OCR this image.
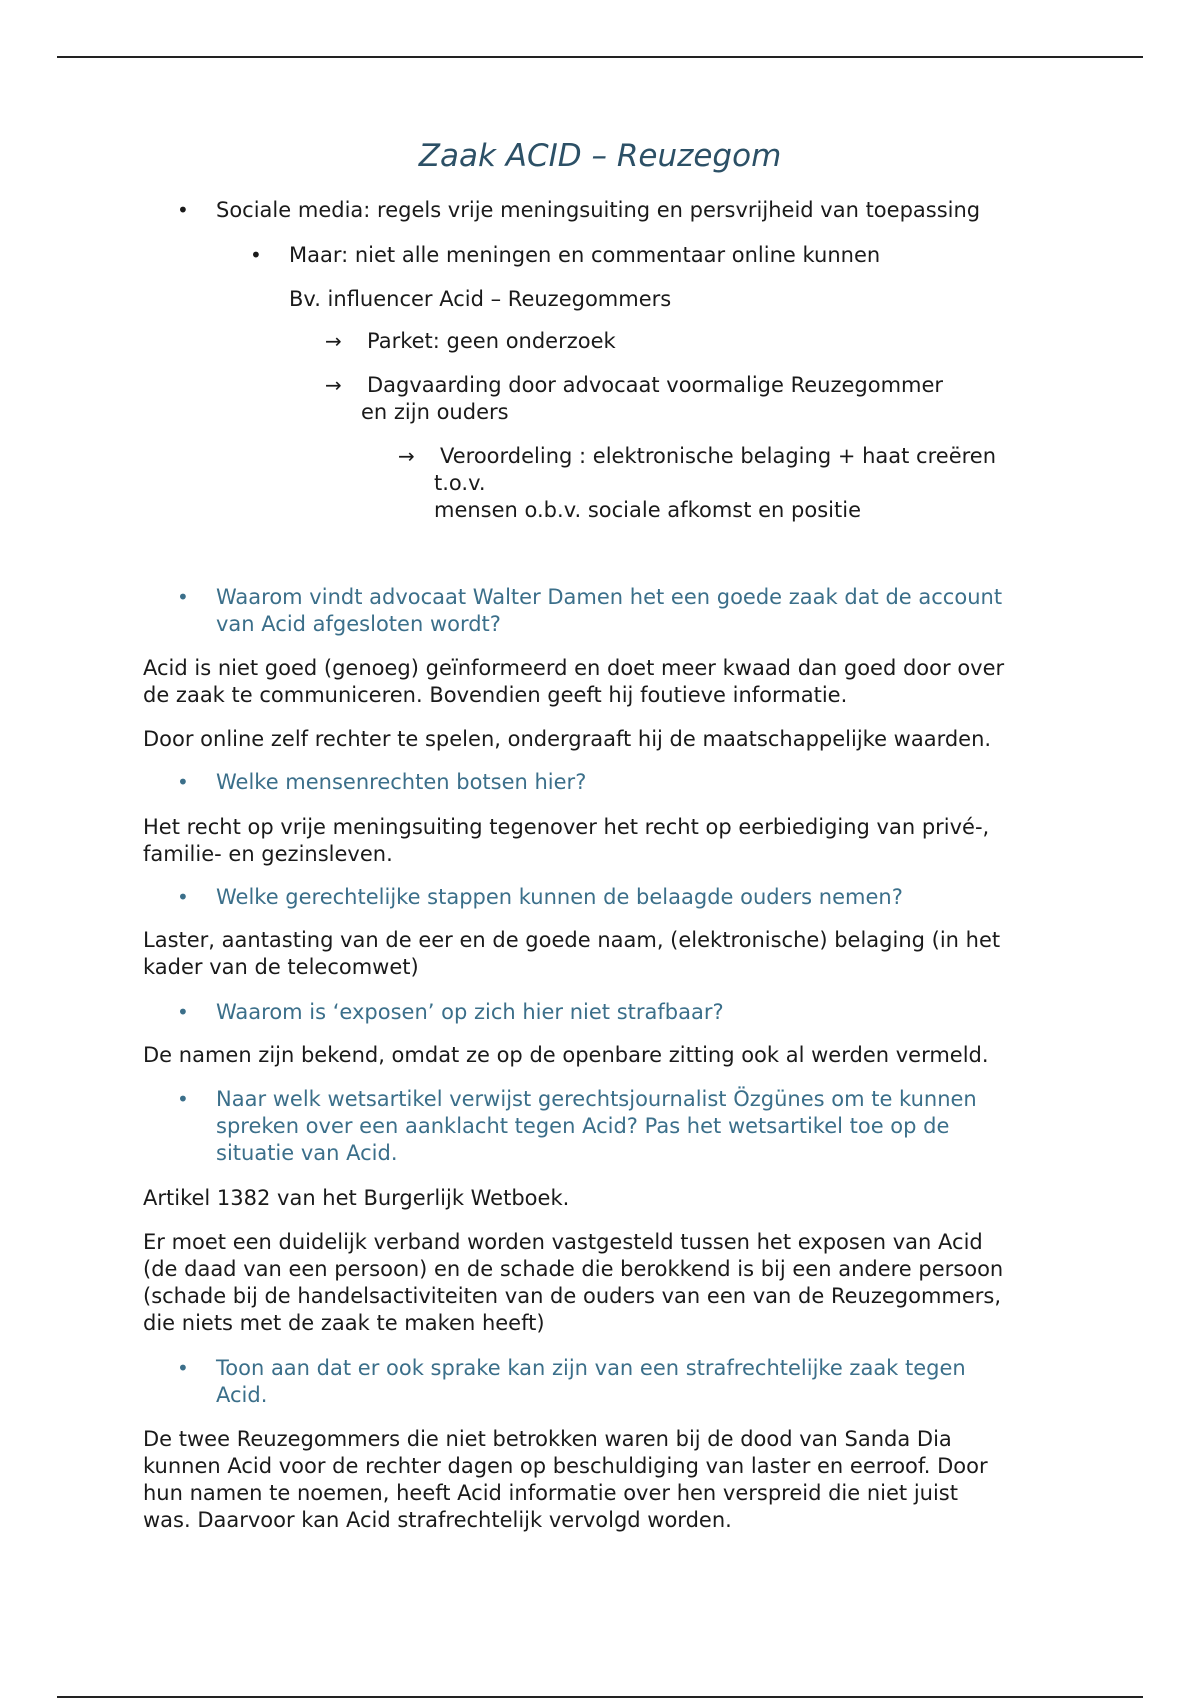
Zaak ACID – Reuzegom
• Sociale media: regels vrije meningsuiting en persvrijheid van toepassing
• Maar: niet alle meningen en commentaar online kunnen
Bv. influencer Acid – Reuzegommers
→ Parket: geen onderzoek
→ Dagvaarding door advocaat voormalige Reuzegommer
en zijn ouders
→ Veroordeling : elektronische belaging + haat creëren
t.o.v.
mensen o.b.v. sociale afkomst en positie
• Waarom vindt advocaat Walter Damen het een goede zaak dat de account
van Acid afgesloten wordt?
Acid is niet goed (genoeg) geïnformeerd en doet meer kwaad dan goed door over
de zaak te communiceren. Bovendien geeft hij foutieve informatie.
Door online zelf rechter te spelen, ondergraaft hij de maatschappelijke waarden.
• Welke mensenrechten botsen hier?
Het recht op vrije meningsuiting tegenover het recht op eerbiediging van privé-,
familie- en gezinsleven.
• Welke gerechtelijke stappen kunnen de belaagde ouders nemen?
Laster, aantasting van de eer en de goede naam, (elektronische) belaging (in het
kader van de telecomwet)
• Waarom is ‘exposen’ op zich hier niet strafbaar?
De namen zijn bekend, omdat ze op de openbare zitting ook al werden vermeld.
• Naar welk wetsartikel verwijst gerechtsjournalist Özgünes om te kunnen
spreken over een aanklacht tegen Acid? Pas het wetsartikel toe op de
situatie van Acid.
Artikel 1382 van het Burgerlijk Wetboek.
Er moet een duidelijk verband worden vastgesteld tussen het exposen van Acid
(de daad van een persoon) en de schade die berokkend is bij een andere persoon
(schade bij de handelsactiviteiten van de ouders van een van de Reuzegommers,
die niets met de zaak te maken heeft)
• Toon aan dat er ook sprake kan zijn van een strafrechtelijke zaak tegen
Acid.
De twee Reuzegommers die niet betrokken waren bij de dood van Sanda Dia
kunnen Acid voor de rechter dagen op beschuldiging van laster en eerroof. Door
hun namen te noemen, heeft Acid informatie over hen verspreid die niet juist
was. Daarvoor kan Acid strafrechtelijk vervolgd worden.
